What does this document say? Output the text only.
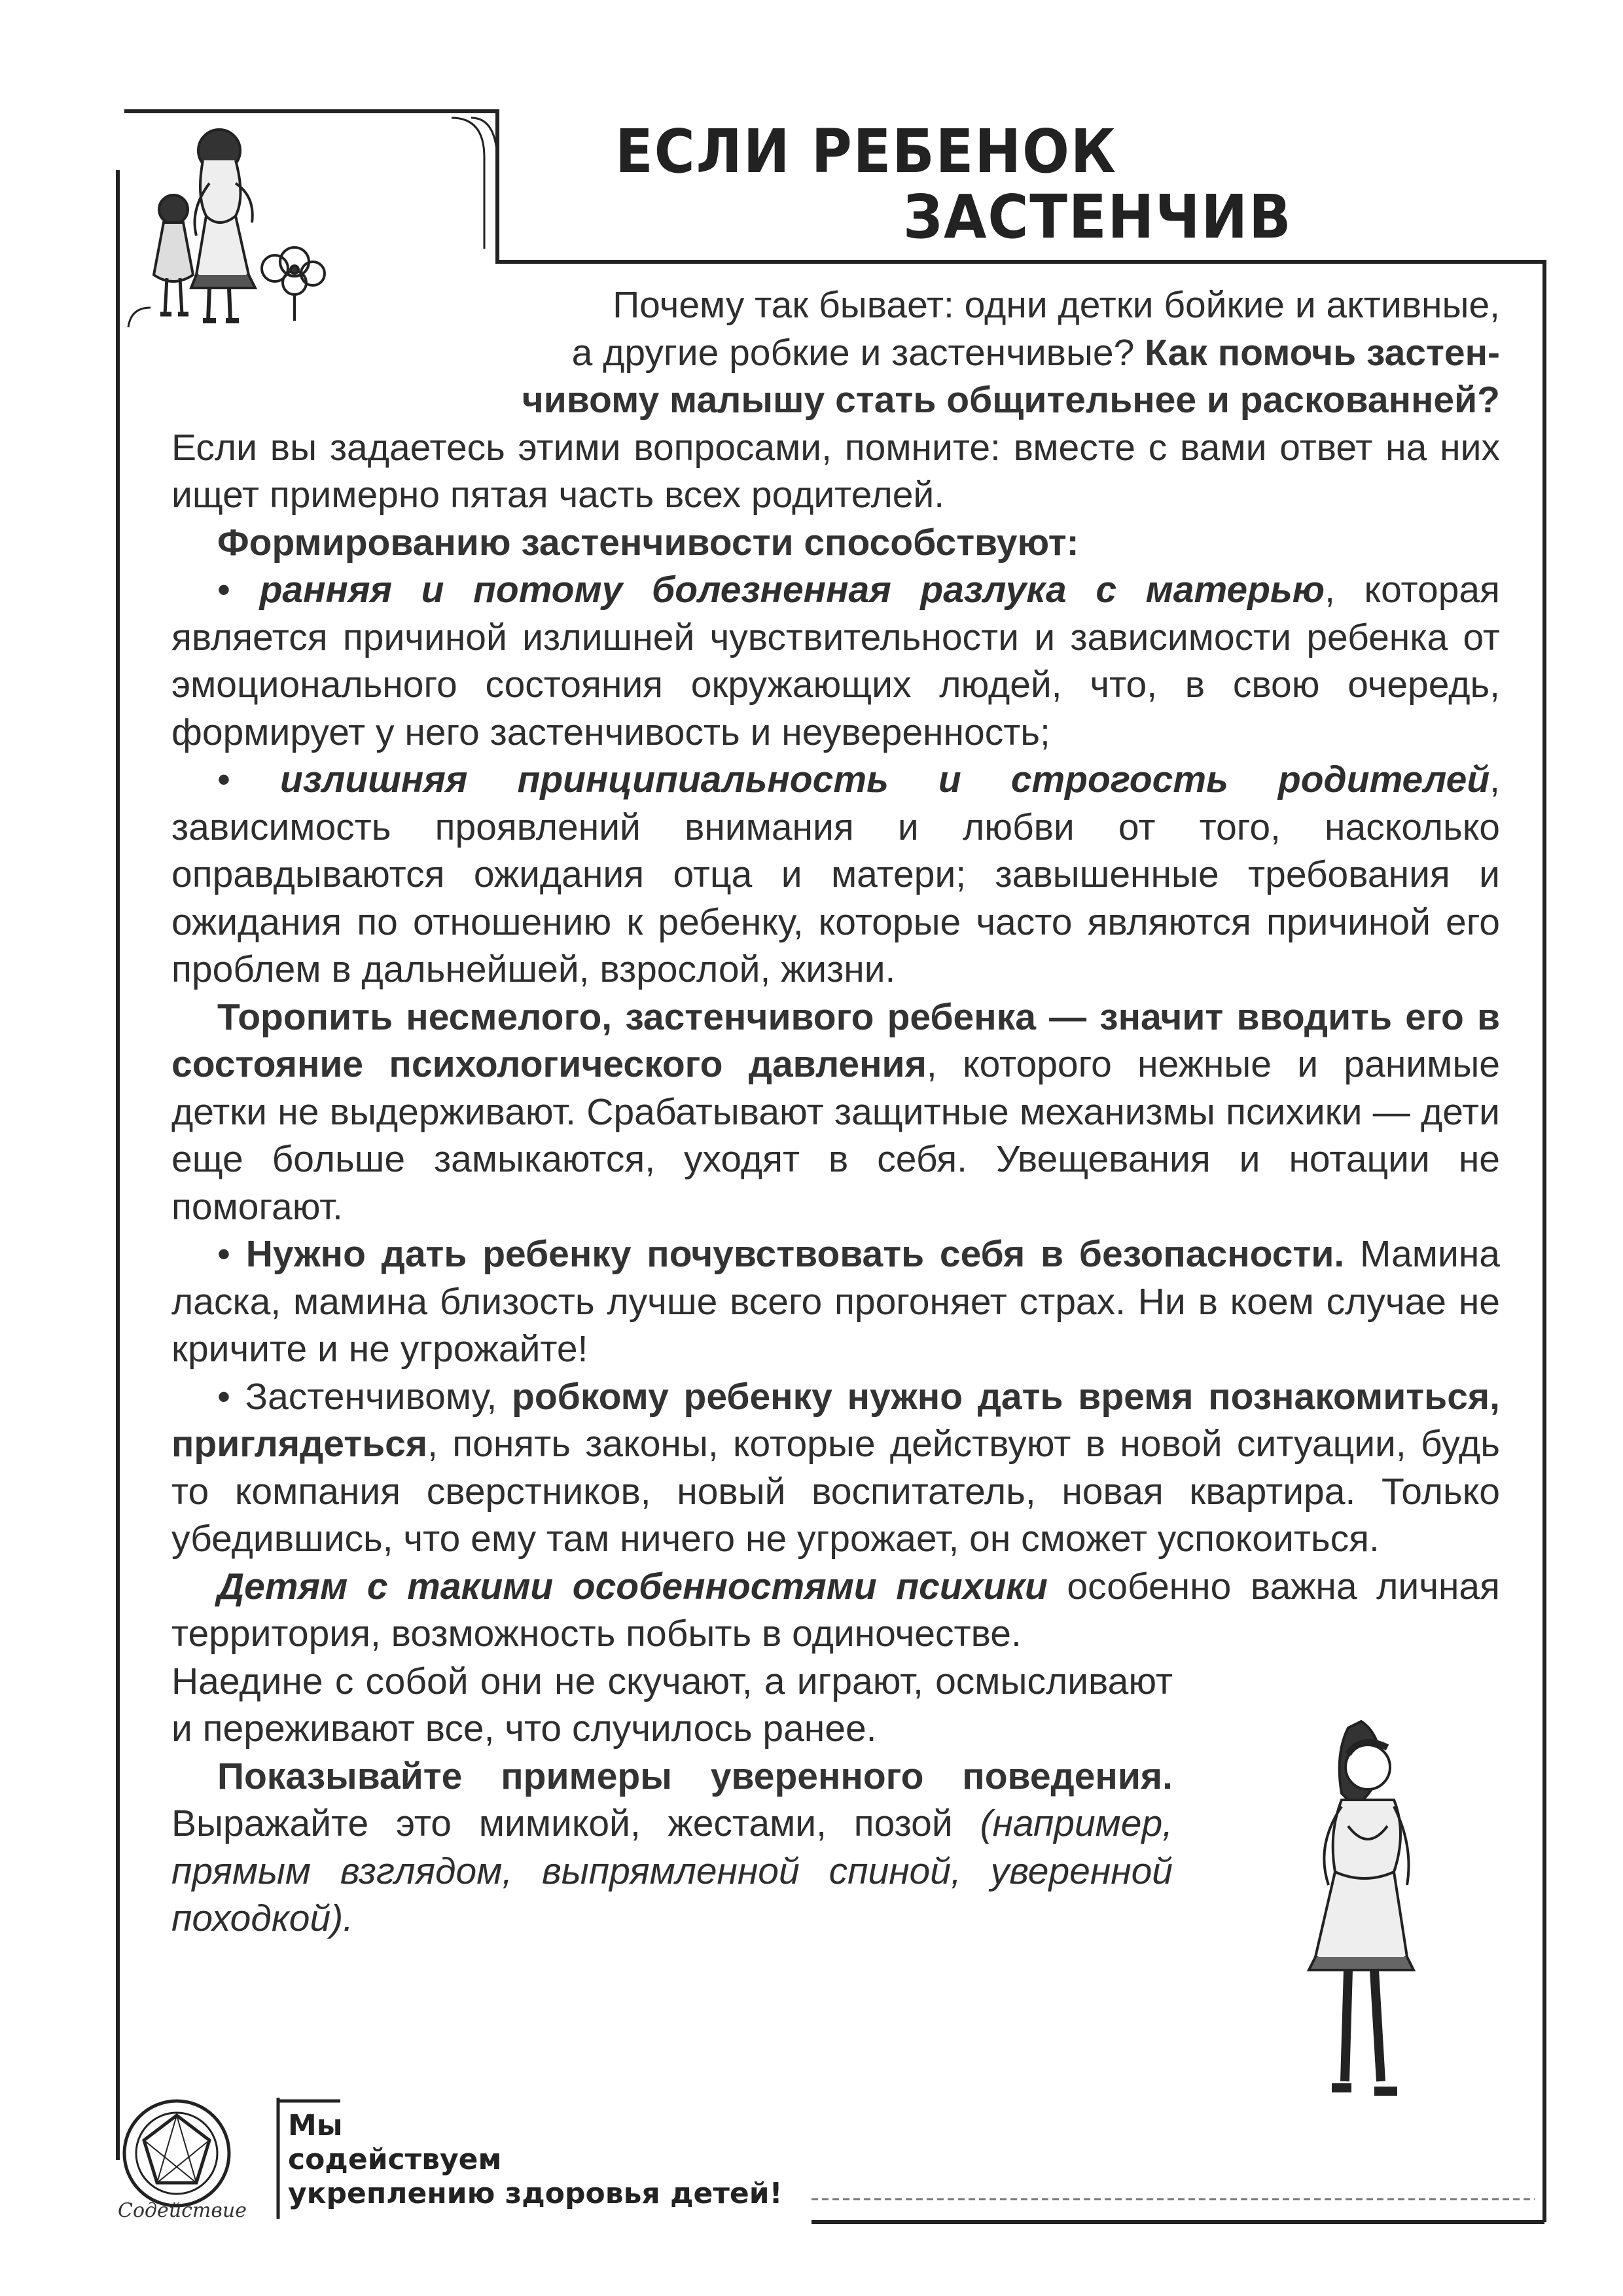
ЕСЛИ РЕБЕНОК
ЗАСТЕНЧИВ

Почему так бывает: одни детки бойкие и активные,
а другие робкие и застенчивые? Как помочь застен-
чивому малышу стать общительнее и раскованней?

Если вы задаетесь этими вопросами, помните: вместе с вами ответ на них ищет примерно пятая часть всех родителей.

Формированию застенчивости способствуют:

• ранняя и потому болезненная разлука с матерью, которая является причиной излишней чувствительности и зависимости ребенка от эмоционального состояния окружающих людей, что, в свою очередь, формирует у него застенчивость и неуверенность;

• излишняя принципиальность и строгость родителей, зависимость проявлений внимания и любви от того, насколько оправдываются ожидания отца и матери; завышенные требования и ожидания по отношению к ребенку, которые часто являются причиной его проблем в дальнейшей, взрослой, жизни.

Торопить несмелого, застенчивого ребенка — значит вводить его в состояние психологического давления, которого нежные и ранимые детки не выдерживают. Срабатывают защитные механизмы психики — дети еще больше замыкаются, уходят в себя. Увещевания и нотации не помогают.

• Нужно дать ребенку почувствовать себя в безопасности. Мамина ласка, мамина близость лучше всего прогоняет страх. Ни в коем случае не кричите и не угрожайте!

• Застенчивому, робкому ребенку нужно дать время познакомиться, приглядеться, понять законы, которые действуют в новой ситуации, будь то компания сверстников, новый воспитатель, новая квартира. Только убедившись, что ему там ничего не угрожает, он сможет успокоиться.

Детям с такими особенностями психики особенно важна личная территория, возможность побыть в одиночестве.

Наедине с собой они не скучают, а играют, осмысливают и переживают все, что случилось ранее.

Показывайте примеры уверенного поведения. Выражайте это мимикой, жестами, позой (например, прямым взглядом, выпрямленной спиной, уверенной походкой).

Мы
содействуем
укреплению здоровья детей!
Содействие
